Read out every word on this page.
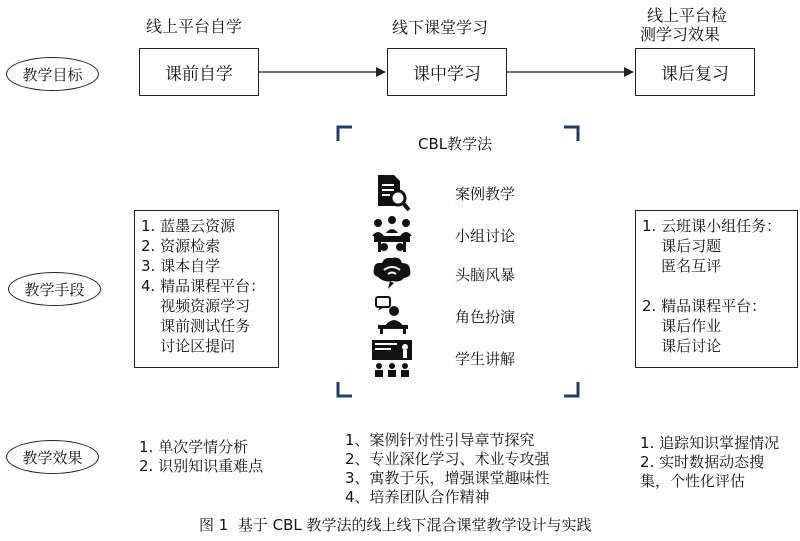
线上平台自学	线下课堂学习
线上平台检
测学习效果
教学目标
教学手段
教学效果
课前自学	课中学习	课后复习
CBL教学法
案例教学
小组讨论
头脑风暴
角色扮演
学生讲解
1. 蓝墨云资源
2. 资源检索
3. 课本自学
4. 精品课程平台：
视频资源学习
课前测试任务
讨论区提问
1. 云班课小组任务：
课后习题
匿名互评
2. 精品课程平台：
课后作业
课后讨论
1. 单次学情分析
2. 识别知识重难点
1、案例针对性引导章节探究
2、专业深化学习、术业专攻强
3、寓教于乐，增强课堂趣味性
4、培养团队合作精神
1. 追踪知识掌握情况
2. 实时数据动态搜
集，个性化评估
图 1  基于 CBL 教学法的线上线下混合课堂教学设计与实践
